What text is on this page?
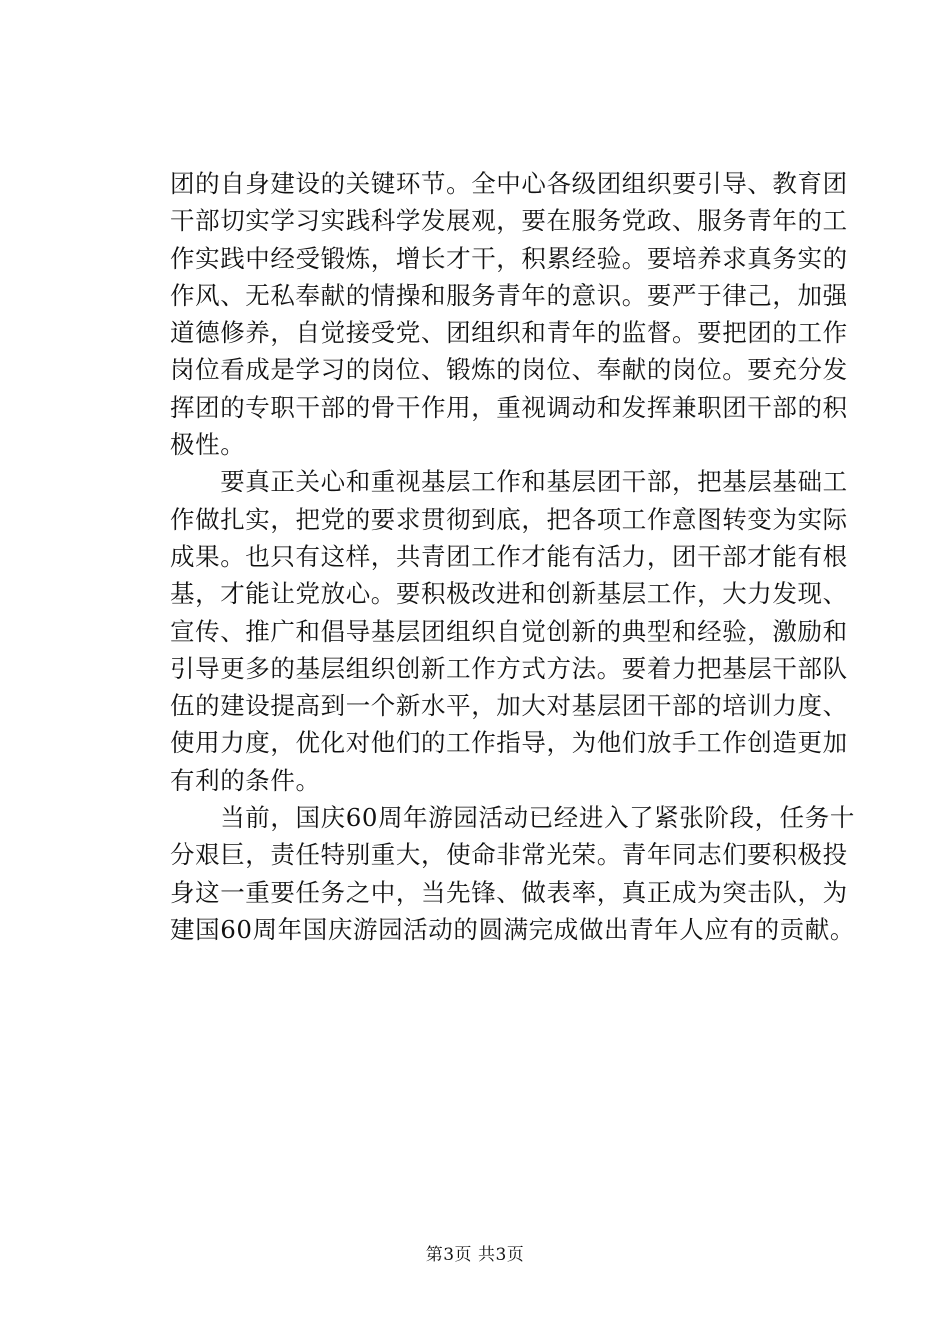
团的自身建设的关键环节。全中心各级团组织要引导、教育团
干部切实学习实践科学发展观，要在服务党政、服务青年的工
作实践中经受锻炼，增长才干，积累经验。要培养求真务实的
作风、无私奉献的情操和服务青年的意识。要严于律己，加强
道德修养，自觉接受党、团组织和青年的监督。要把团的工作
岗位看成是学习的岗位、锻炼的岗位、奉献的岗位。要充分发
挥团的专职干部的骨干作用，重视调动和发挥兼职团干部的积
极性。
　　要真正关心和重视基层工作和基层团干部，把基层基础工
作做扎实，把党的要求贯彻到底，把各项工作意图转变为实际
成果。也只有这样，共青团工作才能有活力，团干部才能有根
基，才能让党放心。要积极改进和创新基层工作，大力发现、
宣传、推广和倡导基层团组织自觉创新的典型和经验，激励和
引导更多的基层组织创新工作方式方法。要着力把基层干部队
伍的建设提高到一个新水平，加大对基层团干部的培训力度、
使用力度，优化对他们的工作指导，为他们放手工作创造更加
有利的条件。
　　当前，国庆60周年游园活动已经进入了紧张阶段，任务十
分艰巨，责任特别重大，使命非常光荣。青年同志们要积极投
身这一重要任务之中，当先锋、做表率，真正成为突击队，为
建国60周年国庆游园活动的圆满完成做出青年人应有的贡献。
第3页 共3页
